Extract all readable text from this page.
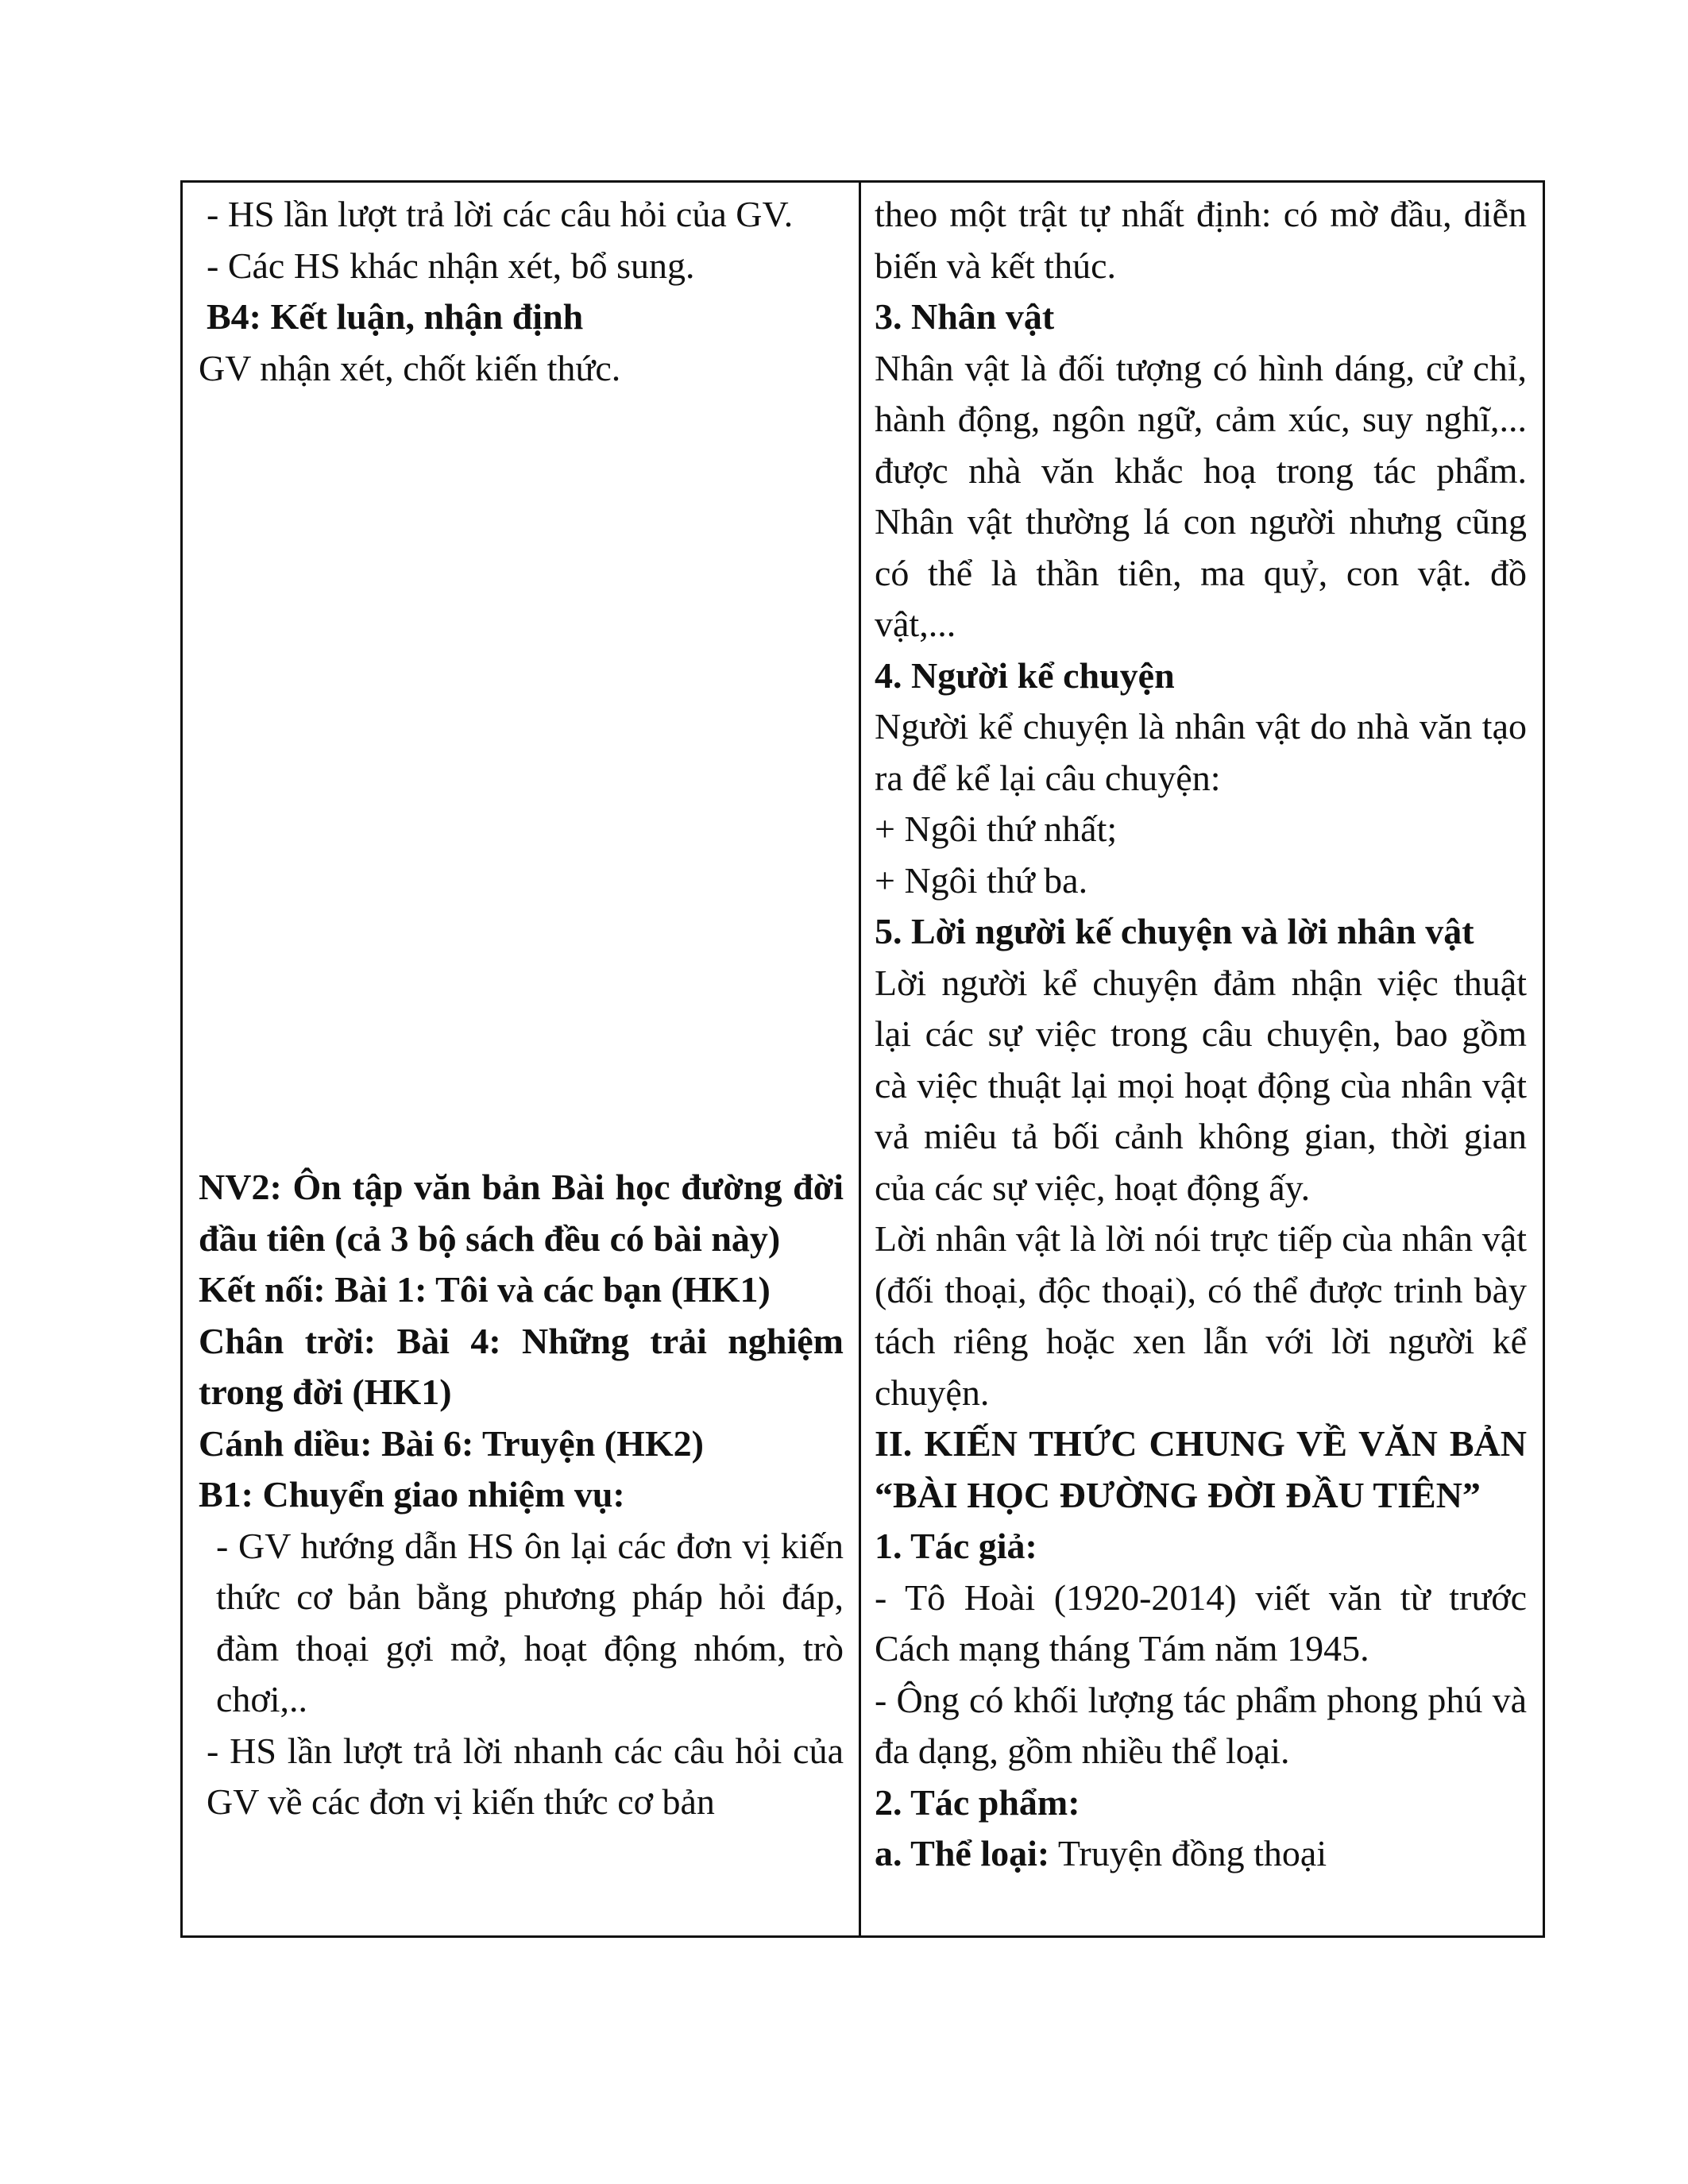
- HS lần lượt trả lời các câu hỏi của GV.

- Các HS khác nhận xét, bổ sung.

B4: Kết luận, nhận định

GV nhận xét, chốt kiến thức.

NV2: Ôn tập văn bản Bài học đường đời đầu tiên (cả 3 bộ sách đều có bài này)

Kết nối: Bài 1: Tôi và các bạn (HK1)

Chân trời: Bài 4: Những trải nghiệm trong đời (HK1)

Cánh diều: Bài 6: Truyện (HK2)

B1: Chuyển giao nhiệm vụ:

- GV hướng dẫn HS ôn lại các đơn vị kiến thức cơ bản bằng phương pháp hỏi đáp, đàm thoại gợi mở, hoạt động nhóm, trò chơi,..

- HS lần lượt trả lời nhanh các câu hỏi của GV về các đơn vị kiến thức cơ bản

theo một trật tự nhất định: có mờ đầu, diễn biến và kết thúc.

3. Nhân vật

Nhân vật là đối tượng có hình dáng, cử chỉ, hành động, ngôn ngữ, cảm xúc, suy nghĩ,... được nhà văn khắc hoạ trong tác phẩm. Nhân vật thường lá con người nhưng cũng có thể là thần tiên, ma quỷ, con vật. đồ vật,...

4. Người kể chuyện

Người kể chuyện là nhân vật do nhà văn tạo ra để kể lại câu chuyện:

+ Ngôi thứ nhất;

+ Ngôi thứ ba.

5. Lời người kế chuyện và lời nhân vật

Lời người kể chuyện đảm nhận việc thuật lại các sự việc trong câu chuyện, bao gồm cà việc thuật lại mọi hoạt động cùa nhân vật vả miêu tả bối cảnh không gian, thời gian của các sự việc, hoạt động ấy.

Lời nhân vật là lời nói trực tiếp cùa nhân vật (đối thoại, độc thoại), có thể được trinh bày tách riêng hoặc xen lẫn với lời người kể chuyện.

II. KIẾN THỨC CHUNG VỀ VĂN BẢN “BÀI HỌC ĐƯỜNG ĐỜI ĐẦU TIÊN”

1. Tác giả:

- Tô Hoài (1920-2014) viết văn từ trước Cách mạng tháng Tám năm 1945.

- Ông có khối lượng tác phẩm phong phú và đa dạng, gồm nhiều thể loại.

2. Tác phẩm:

a. Thể loại: Truyện đồng thoại
